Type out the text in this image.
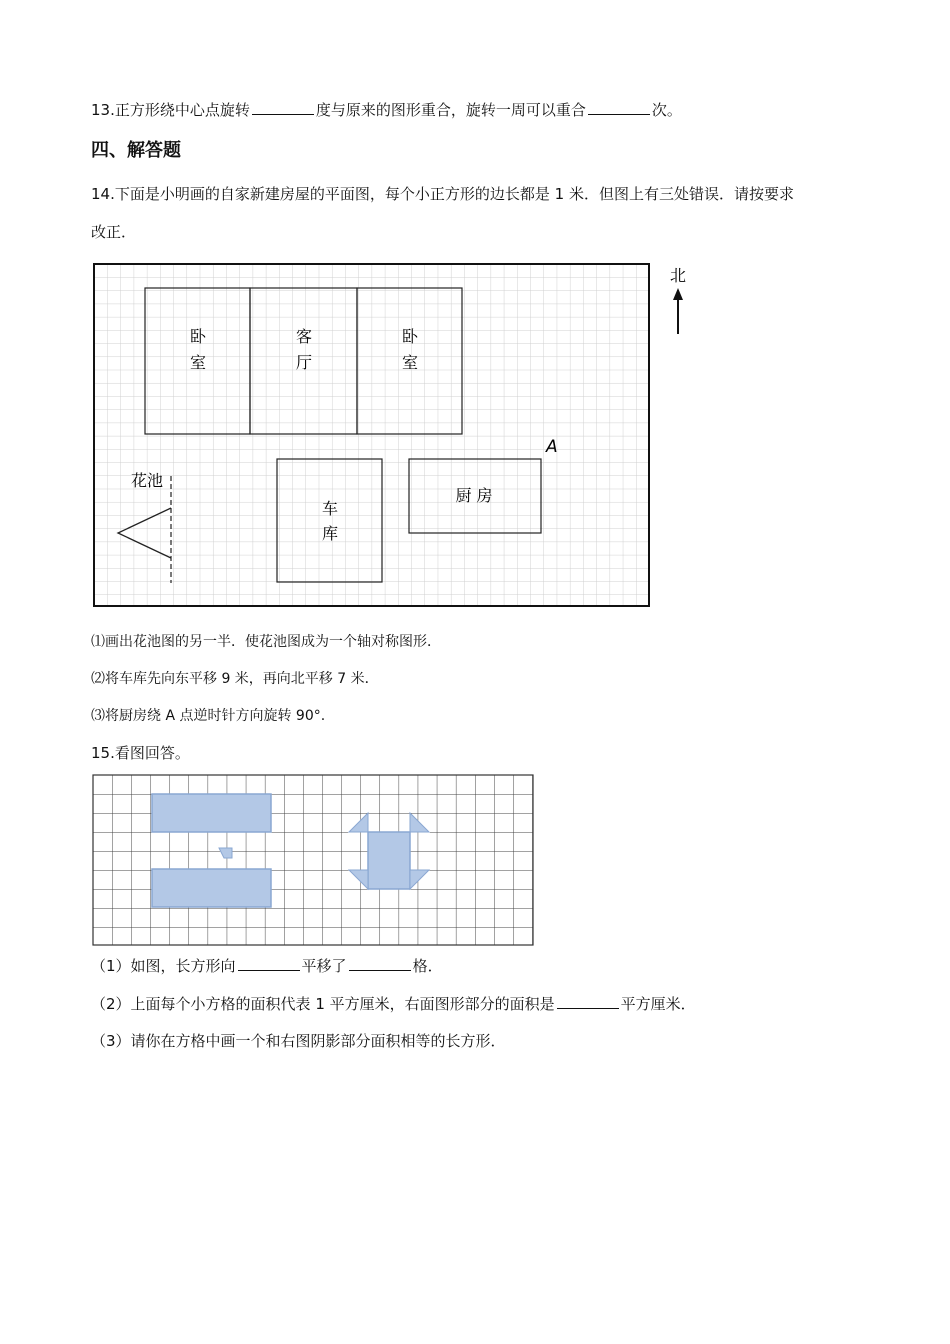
13.正方形绕中心点旋转	度与原来的图形重合，旋转一周可以重合	次。
四、解答题
14.下面是小明画的自家新建房屋的平面图，每个小正方形的边长都是 1 米．但图上有三处错误．请按要求
改正．
卧
室
客
厅
卧
室
车
库
厨 房
A
花池
北
⑴画出花池图的另一半．使花池图成为一个轴对称图形．
⑵将车库先向东平移 9 米，再向北平移 7 米．
⑶将厨房绕 A 点逆时针方向旋转 90°.
15.看图回答。
（1）如图，长方形向	平移了	格．
（2）上面每个小方格的面积代表 1 平方厘米，右面图形部分的面积是	平方厘米．
（3）请你在方格中画一个和右图阴影部分面积相等的长方形．
